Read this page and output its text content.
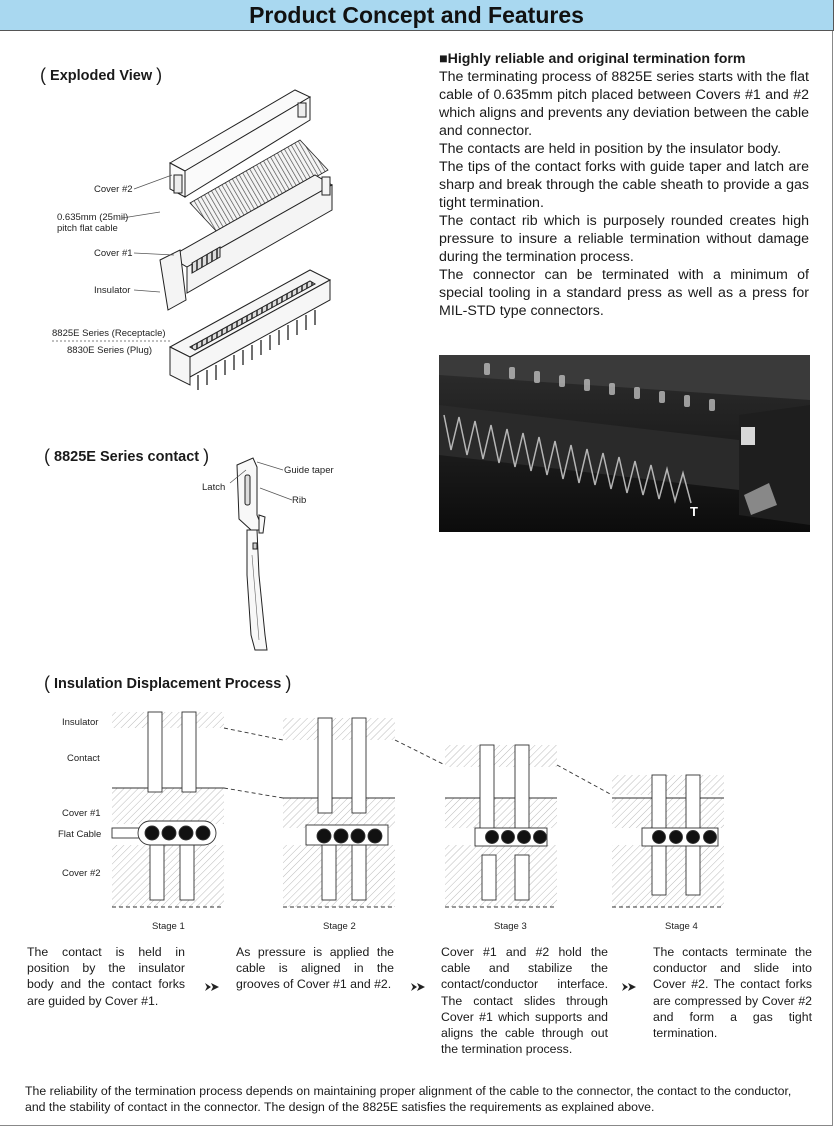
Product Concept and Features
( Exploded View )
Cover #2
0.635mm (25mil)
pitch flat cable
Cover #1
Insulator
8825E Series (Receptacle)
8830E Series (Plug)
( 8825E Series contact )
Guide taper
Latch
Rib
■Highly reliable and original termination form

The terminating process of 8825E series starts with the flat cable of 0.635mm pitch placed between Covers #1 and #2 which aligns and prevents any deviation between the cable and connector.

The contacts are held in position by the insulator body.

The tips of the contact forks with guide taper and latch are sharp and break through the cable sheath to provide a gas tight termination.

The contact rib which is purposely rounded creates high pressure to insure a reliable termination without damage during the termination process.

The connector can be terminated with a minimum of special tooling in a standard press as well as a press for MIL-STD type connectors.

T
( Insulation Displacement Process )
Insulator
Contact
Cover #1
Flat Cable
Cover #2
Stage 1	Stage 2	Stage 3	Stage 4
The contact is held in position by the insulator body and the contact forks are guided by Cover #1.
As pressure is applied the cable is aligned in the grooves of Cover #1 and #2.
Cover #1 and #2 hold the cable and stabilize the contact/conductor interface. The contact slides through Cover #1 which supports and aligns the cable through out the termination process.
The contacts terminate the conductor and slide into Cover #2. The contact forks are compressed by Cover #2 and form a gas tight termination.
The reliability of the termination process depends on maintaining proper alignment of the cable to the connector, the contact to the conductor, and the stability of contact in the connector. The design of the 8825E satisfies the requirements as explained above.
